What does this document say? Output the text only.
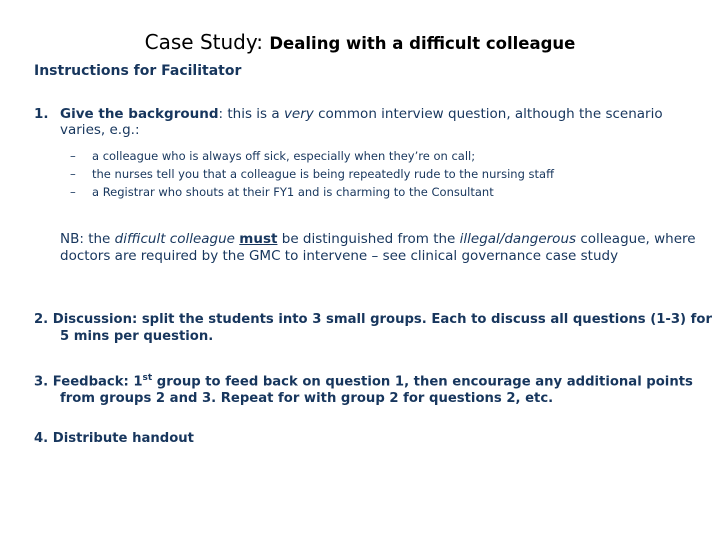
Case Study: Dealing with a difficult colleague
Instructions for Facilitator
1. Give the background: this is a very common interview question, although the scenario
varies, e.g.:
– a colleague who is always off sick, especially when they’re on call;
– the nurses tell you that a colleague is being repeatedly rude to the nursing staff
– a Registrar who shouts at their FY1 and is charming to the Consultant
NB: the difficult colleague must be distinguished from the illegal/dangerous colleague, where doctors are required by the GMC to intervene – see clinical governance case study
2. Discussion: split the students into 3 small groups. Each to discuss all questions (1-3) for
5 mins per question.
3. Feedback: 1st group to feed back on question 1, then encourage any additional points
from groups 2 and 3. Repeat for with group 2 for questions 2, etc.
4. Distribute handout
